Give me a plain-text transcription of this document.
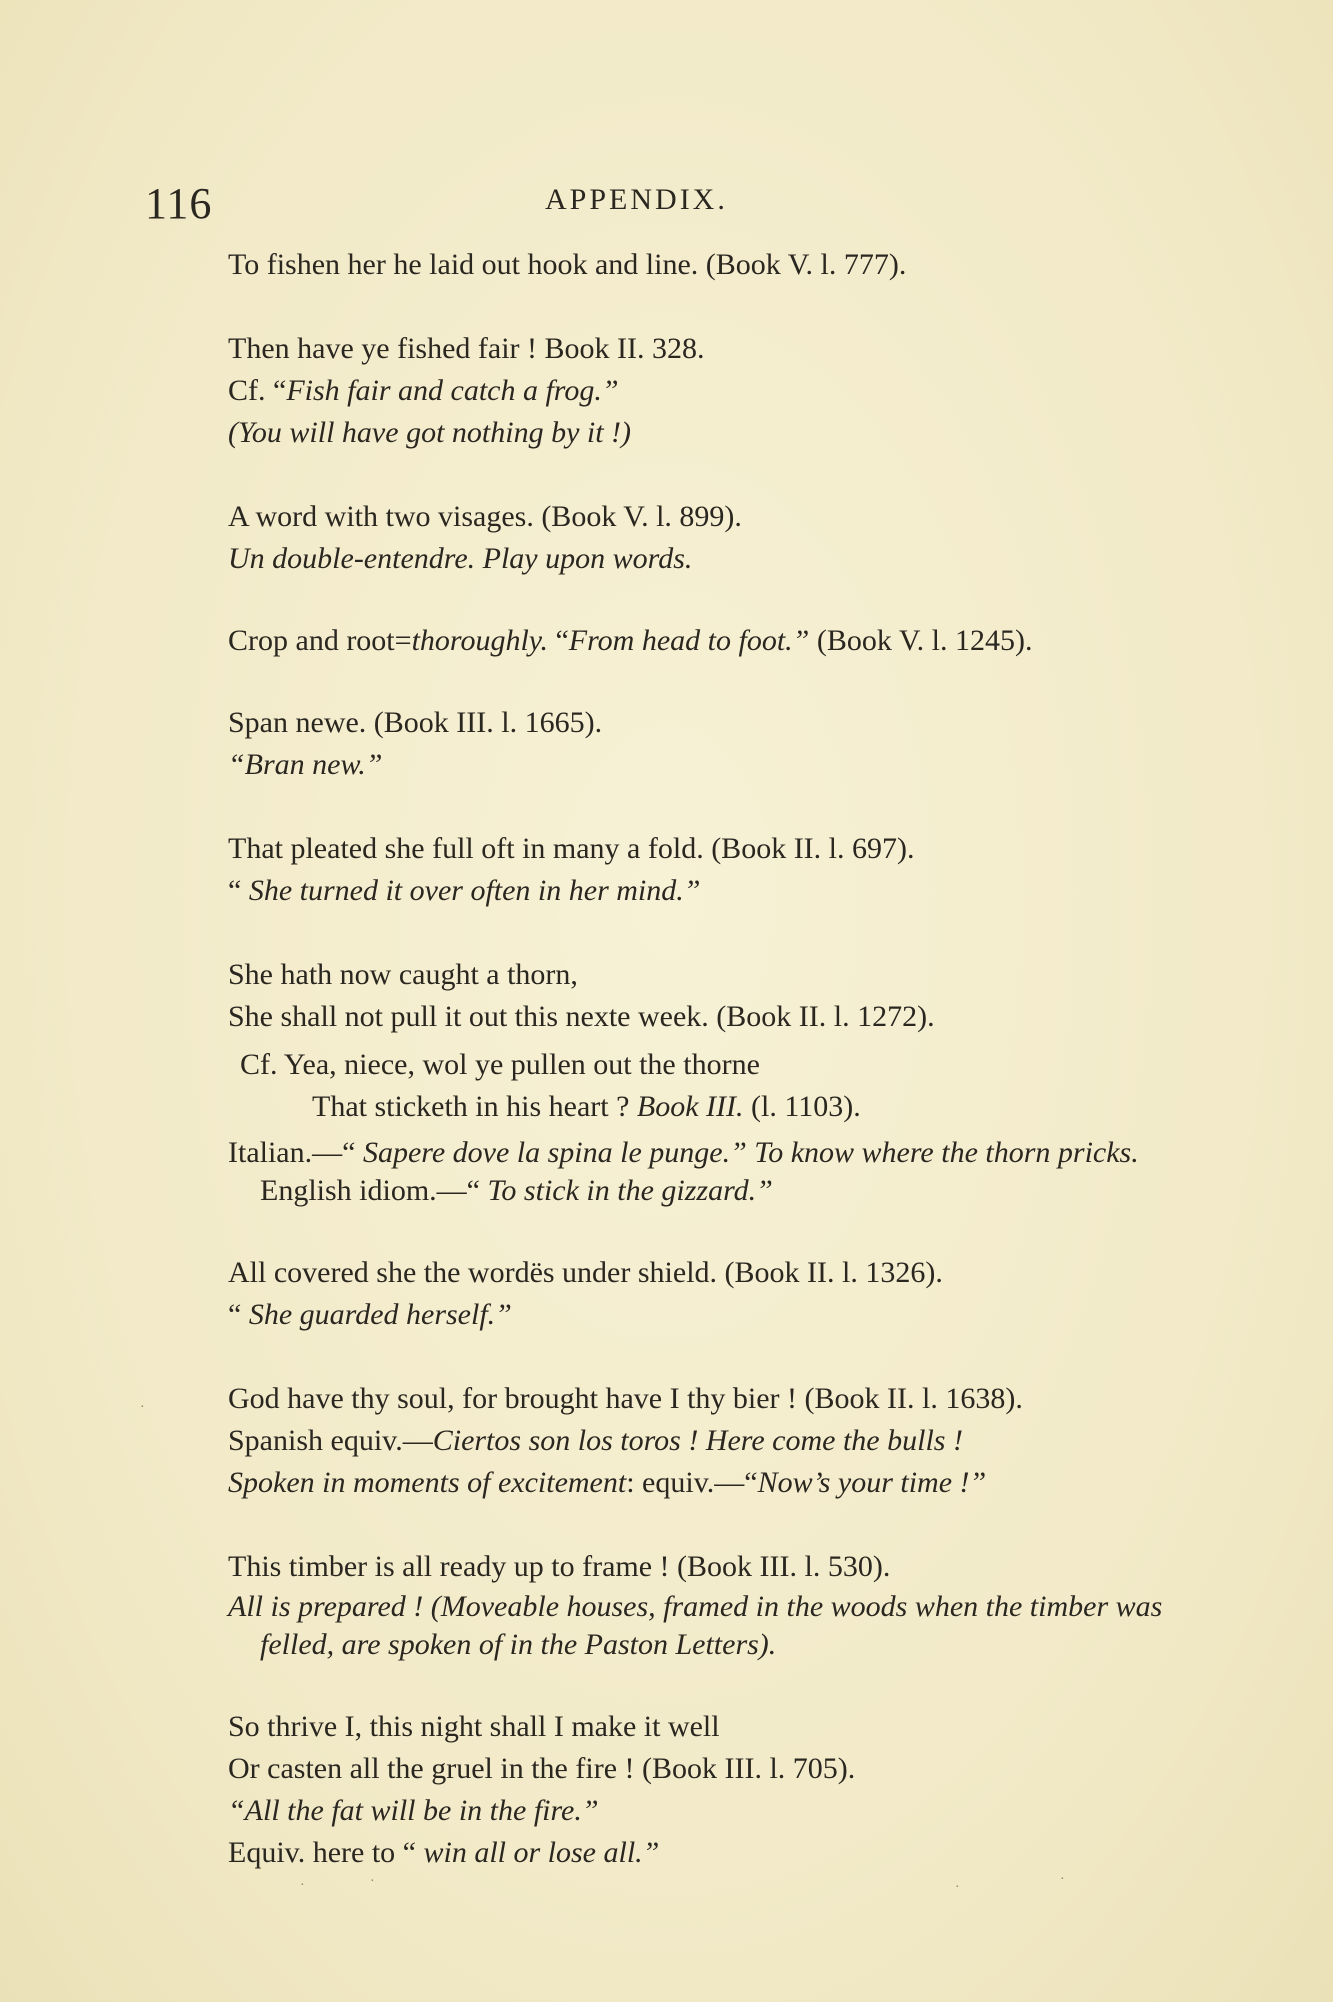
116	APPENDIX.
To fishen her he laid out hook and line. (Book V. l. 777).
Then have ye fished fair ! Book II. 328.
Cf. “Fish fair and catch a frog.”
(You will have got nothing by it !)
A word with two visages. (Book V. l. 899).
Un double-entendre. Play upon words.
Crop and root=thoroughly. “From head to foot.” (Book V. l. 1245).
Span newe. (Book III. l. 1665).
“Bran new.”
That pleated she full oft in many a fold. (Book II. l. 697).
“ She turned it over often in her mind.”
She hath now caught a thorn,
She shall not pull it out this nexte week. (Book II. l. 1272).
Cf. Yea, niece, wol ye pullen out the thorne
That sticketh in his heart ? Book III. (l. 1103).
Italian.—“ Sapere dove la spina le punge.” To know where the thorn pricks. English idiom.—“ To stick in the gizzard.”
All covered she the wordës under shield. (Book II. l. 1326).
“ She guarded herself.”
God have thy soul, for brought have I thy bier ! (Book II. l. 1638).
Spanish equiv.—Ciertos son los toros ! Here come the bulls !
Spoken in moments of excitement: equiv.—“Now’s your time !”
This timber is all ready up to frame ! (Book III. l. 530).
All is prepared ! (Moveable houses, framed in the woods when the timber was felled, are spoken of in the Paston Letters).
So thrive I, this night shall I make it well
Or casten all the gruel in the fire ! (Book III. l. 705).
“All the fat will be in the fire.”
Equiv. here to “ win all or lose all.”
·	·	·
·
·
